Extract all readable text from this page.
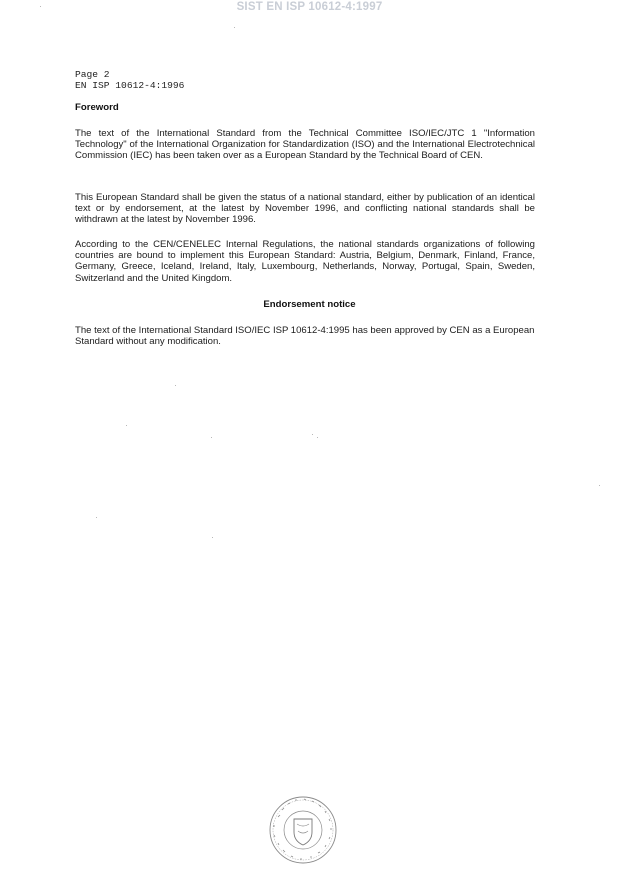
SIST EN ISP 10612-4:1997
Page 2
EN ISP 10612-4:1996
Foreword
The text of the International Standard from the Technical Committee ISO/IEC/JTC 1 "Information Technology" of the International Organization for Standardization (ISO) and the International Electrotechnical Commission (IEC) has been taken over as a European Standard by the Technical Board of CEN.
This European Standard shall be given the status of a national standard, either by publication of an identical text or by endorsement, at the latest by November 1996, and conflicting national standards shall be withdrawn at the latest by November 1996.
According to the CEN/CENELEC Internal Regulations, the national standards organizations of following countries are bound to implement this European Standard: Austria, Belgium, Denmark, Finland, France, Germany, Greece, Iceland, Ireland, Italy, Luxembourg, Netherlands, Norway, Portugal, Spain, Sweden, Switzerland and the United Kingdom.
Endorsement notice
The text of the International Standard ISO/IEC ISP 10612-4:1995 has been approved by CEN as a European Standard without any modification.
